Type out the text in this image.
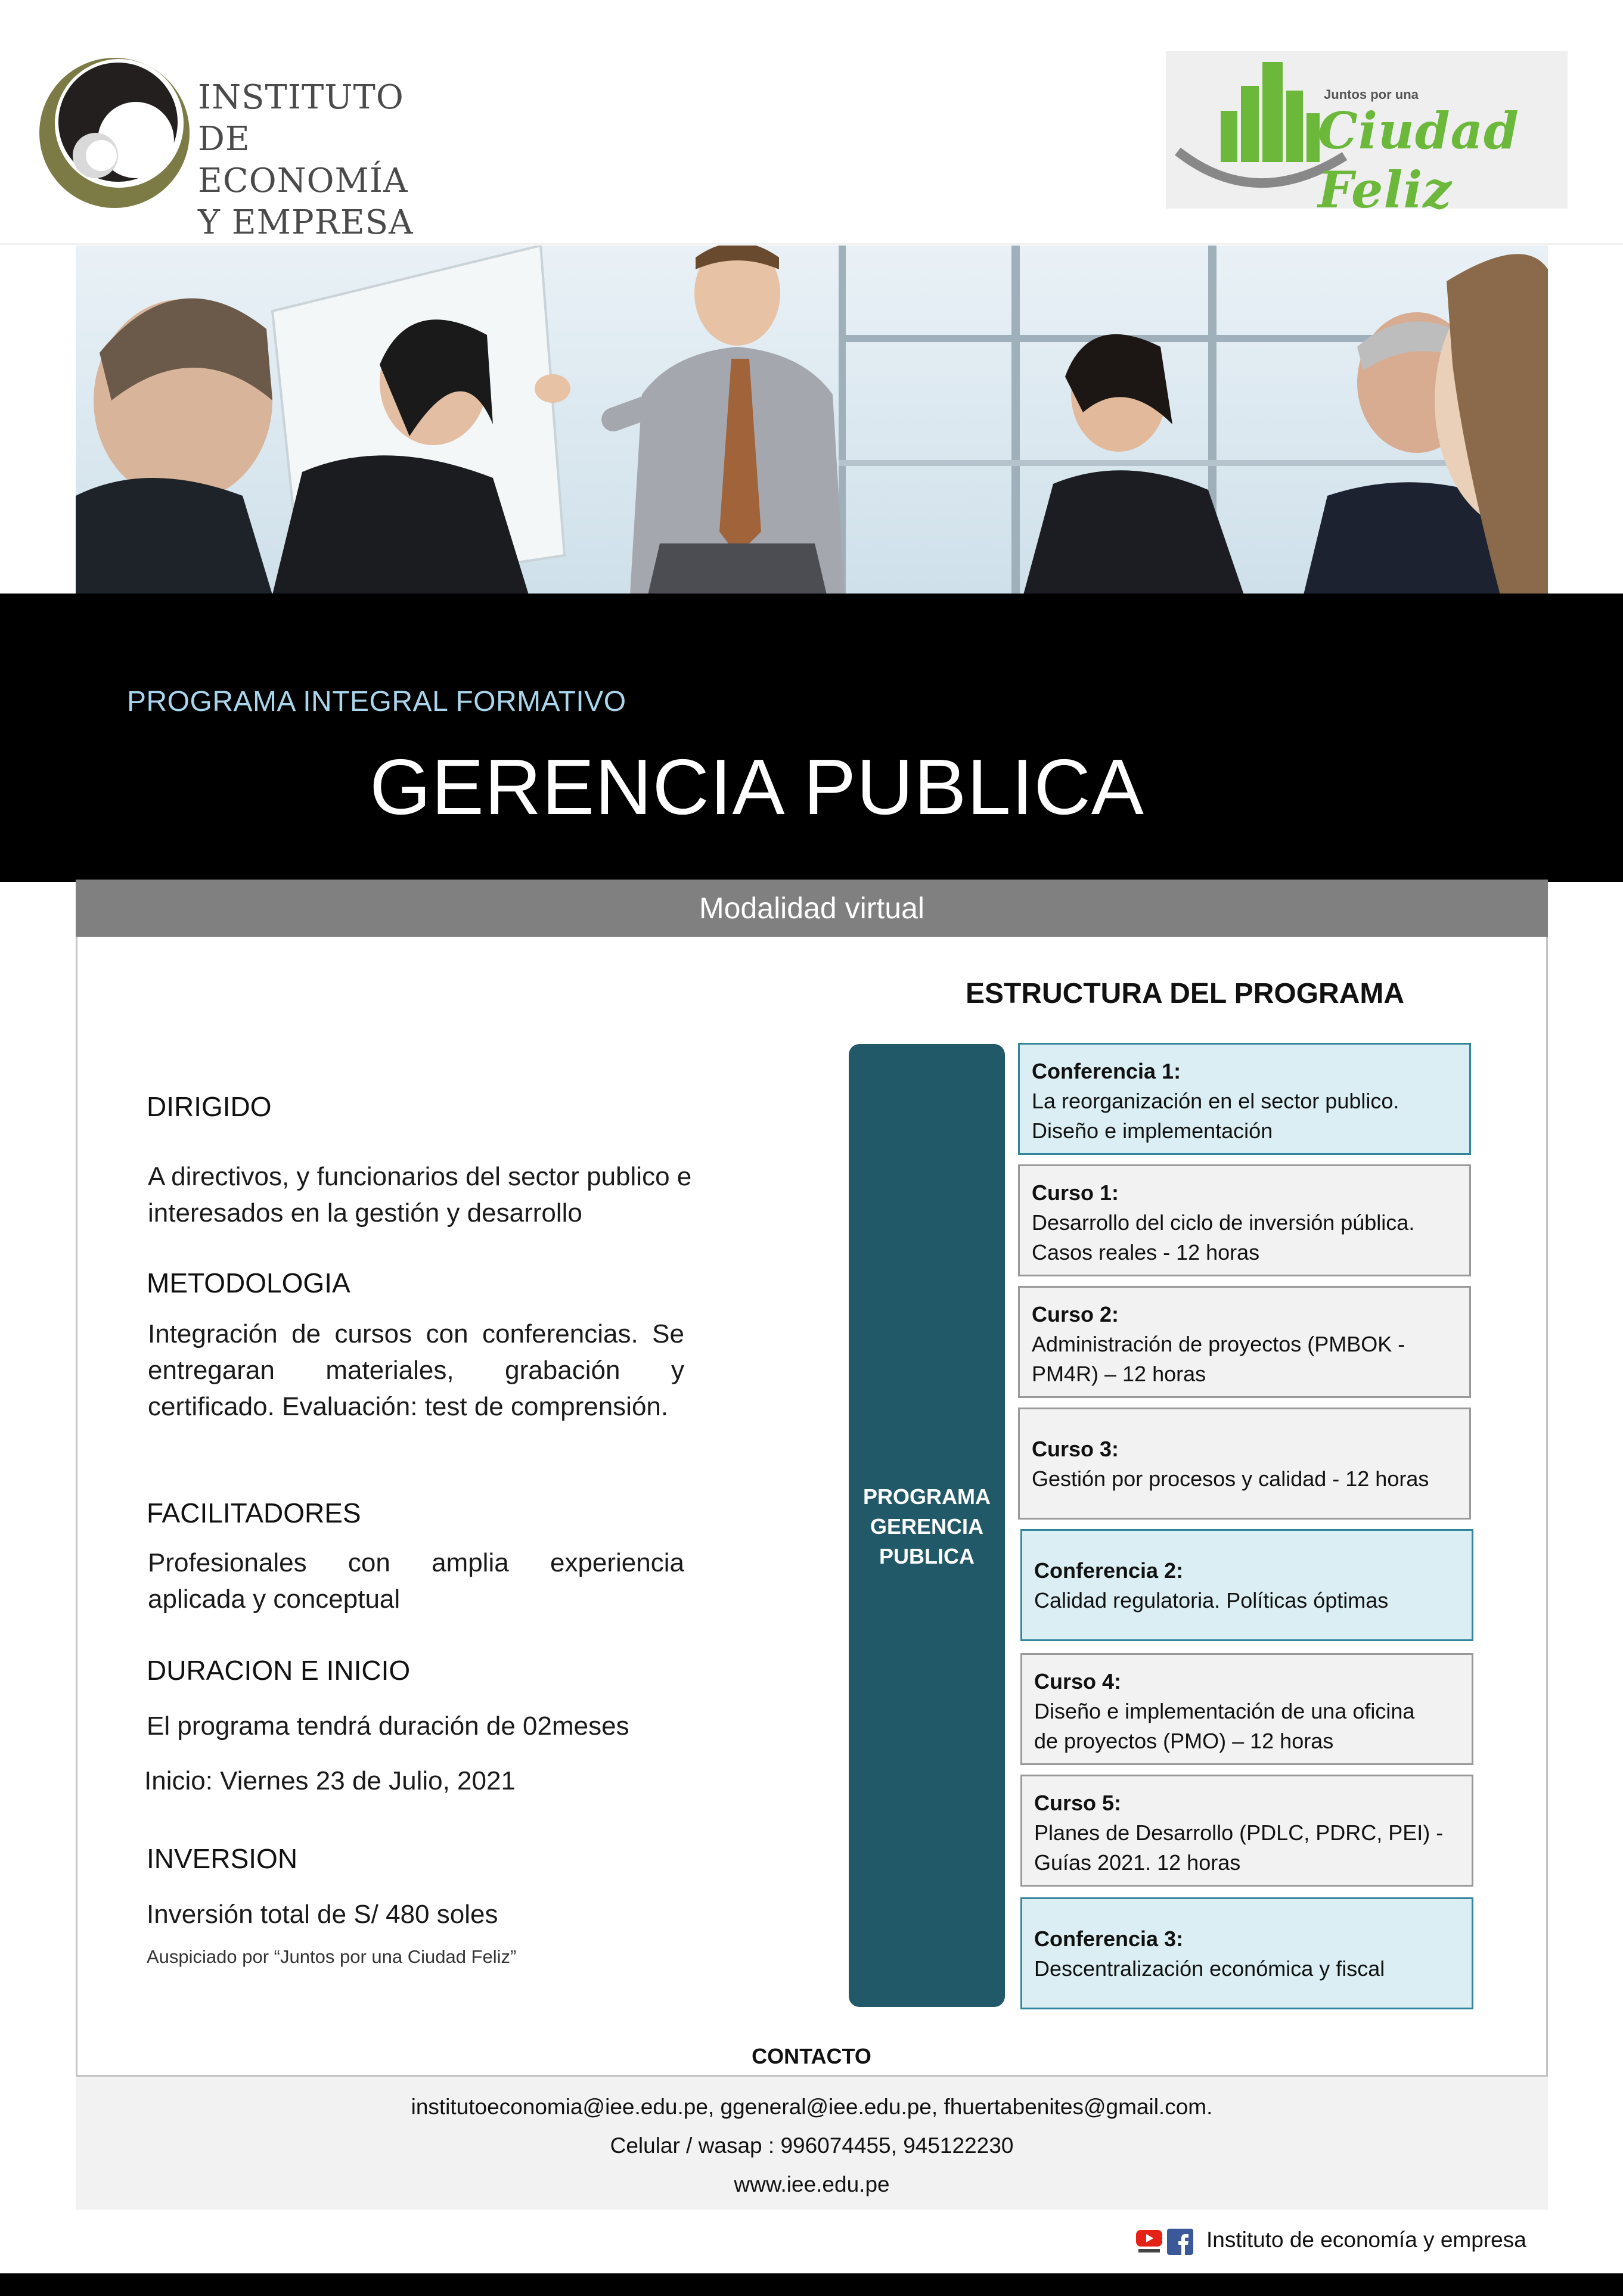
INSTITUTO DE
ECONOMÍA
Y EMPRESA
Juntos por una
Ciudad Feliz
PROGRAMA INTEGRAL FORMATIVO
GERENCIA PUBLICA
Modalidad virtual
DIRIGIDO
A directivos, y funcionarios del sector publico e interesados en la gestión y desarrollo
METODOLOGIA
Integración de cursos con conferencias. Se entregaran materiales, grabación y certificado. Evaluación: test de comprensión.
FACILITADORES
Profesionales con amplia experiencia aplicada y conceptual
DURACION E INICIO
El programa tendrá duración de 02meses
Inicio: Viernes 23 de Julio, 2021
INVERSION
Inversión total de S/ 480 soles
Auspiciado por “Juntos por una Ciudad Feliz”
ESTRUCTURA DEL PROGRAMA
PROGRAMA
GERENCIA
PUBLICA
Conferencia 1:
La reorganización en el sector publico.
Diseño e implementación
Curso 1:
Desarrollo del ciclo de inversión pública.
Casos reales - 12 horas
Curso 2:
Administración de proyectos (PMBOK -
PM4R) – 12 horas
Curso 3:
Gestión por procesos y calidad - 12 horas
Conferencia 2:
Calidad regulatoria. Políticas óptimas
Curso 4:
Diseño e implementación de una oficina
de proyectos (PMO) – 12 horas
Curso 5:
Planes de Desarrollo (PDLC, PDRC, PEI) -
Guías 2021. 12 horas
Conferencia 3:
Descentralización económica y fiscal
CONTACTO
institutoeconomia@iee.edu.pe, ggeneral@iee.edu.pe, fhuertabenites@gmail.com.
Celular / wasap : 996074455, 945122230
www.iee.edu.pe
Instituto de economía y empresa
